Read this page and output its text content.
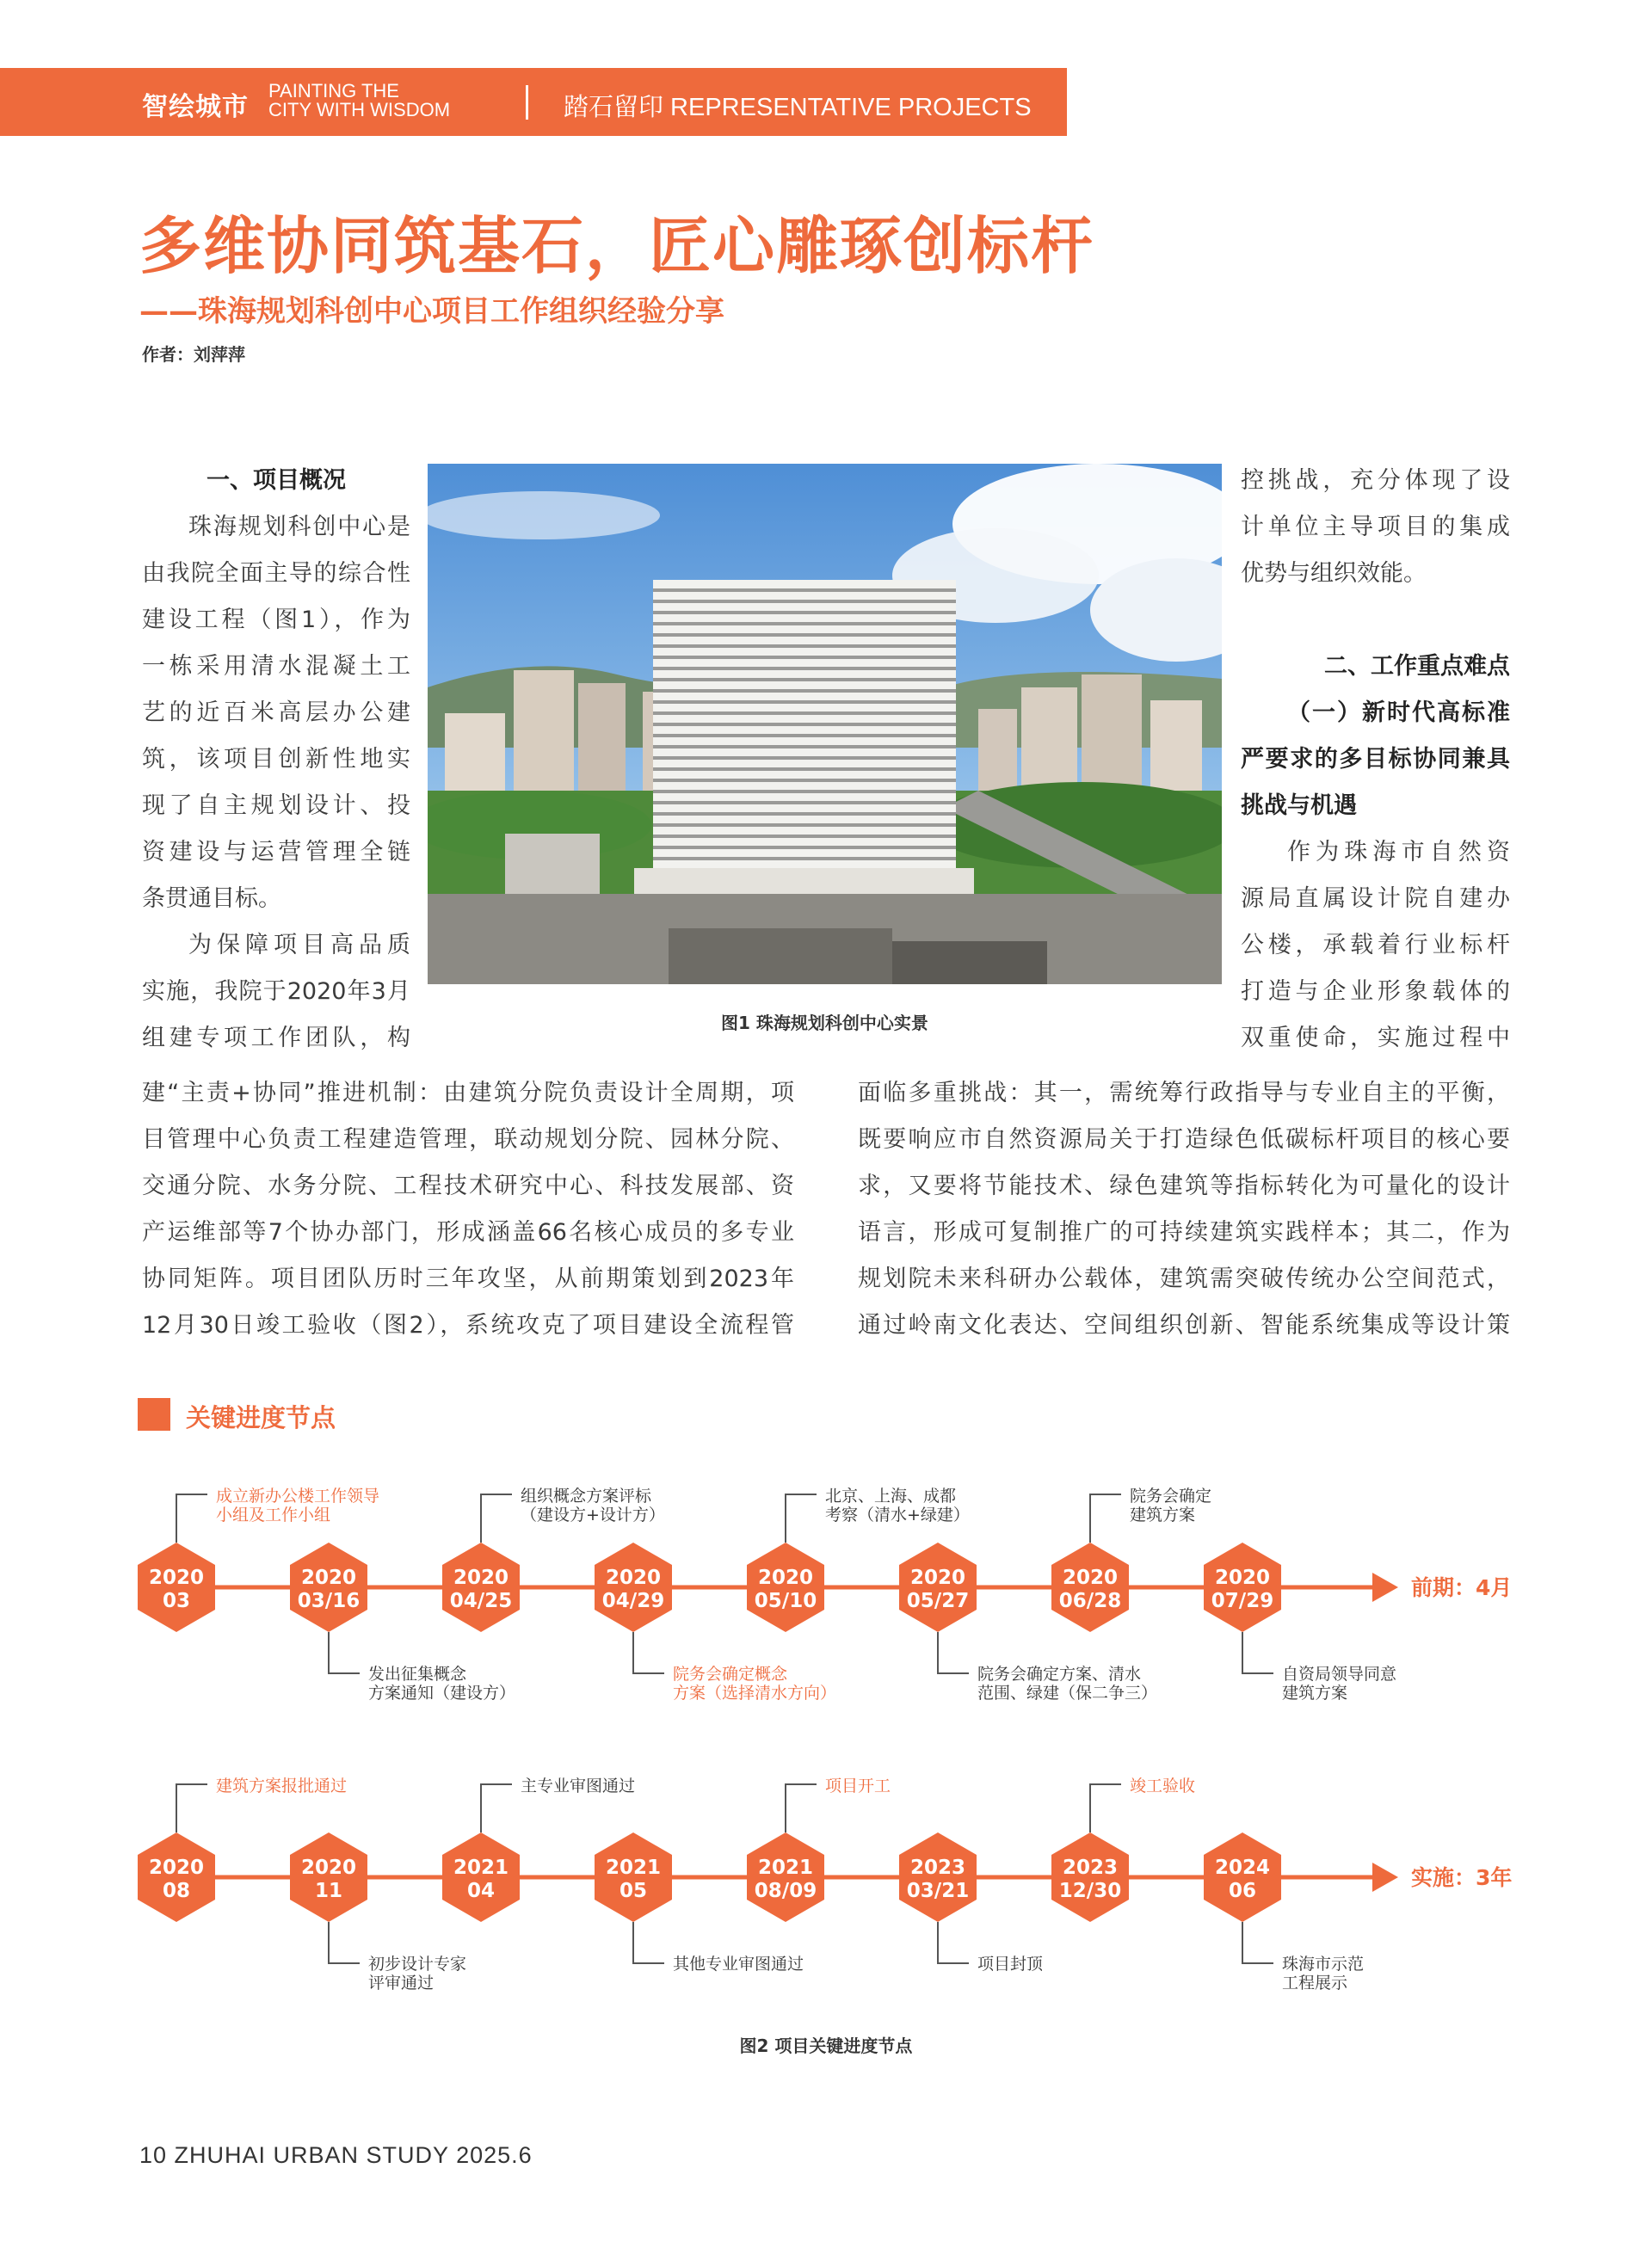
智绘城市
PAINTING THE
CITY WITH WISDOM	踏石留印 REPRESENTATIVE PROJECTS
多维协同筑基石，匠心雕琢创标杆
——珠海规划科创中心项目工作组织经验分享
作者：刘萍萍
一、项目概况
珠海规划科创中心是
由我院全面主导的综合性
建设工程（图1），作为
一栋采用清水混凝土工
艺的近百米高层办公建
筑，该项目创新性地实
现了自主规划设计、投
资建设与运营管理全链
条贯通目标。
为保障项目高品质
实施，我院于2020年3月
组建专项工作团队，构
建“主责+协同”推进机制：由建筑分院负责设计全周期，项
目管理中心负责工程建造管理，联动规划分院、园林分院、
交通分院、水务分院、工程技术研究中心、科技发展部、资
产运维部等7个协办部门，形成涵盖66名核心成员的多专业
协同矩阵。项目团队历时三年攻坚，从前期策划到2023年
12月30日竣工验收（图2），系统攻克了项目建设全流程管
图1 珠海规划科创中心实景
控挑战，充分体现了设
计单位主导项目的集成
优势与组织效能。
二、工作重点难点
（一）新时代高标准
严要求的多目标协同兼具
挑战与机遇
作为珠海市自然资
源局直属设计院自建办
公楼，承载着行业标杆
打造与企业形象载体的
双重使命，实施过程中
面临多重挑战：其一，需统筹行政指导与专业自主的平衡，
既要响应市自然资源局关于打造绿色低碳标杆项目的核心要
求，又要将节能技术、绿色建筑等指标转化为可量化的设计
语言，形成可复制推广的可持续建筑实践样本；其二，作为
规划院未来科研办公载体，建筑需突破传统办公空间范式，
通过岭南文化表达、空间组织创新、智能系统集成等设计策
关键进度节点
前期：4月
2020
03
2020
03/16
2020
04/25
2020
04/29
2020
05/10
2020
05/27
2020
06/28
2020
07/29
成立新办公楼工作领导
小组及工作小组
组织概念方案评标
（建设方+设计方）
北京、上海、成都
考察（清水+绿建）
院务会确定
建筑方案
发出征集概念
方案通知（建设方）
院务会确定概念
方案（选择清水方向）
院务会确定方案、清水
范围、绿建（保二争三）
自资局领导同意
建筑方案
实施：3年
2020
08
2020
11
2021
04
2021
05
2021
08/09
2023
03/21
2023
12/30
2024
06
建筑方案报批通过	主专业审图通过	项目开工	竣工验收
初步设计专家
评审通过
其他专业审图通过	项目封顶	珠海市示范
工程展示
图2 项目关键进度节点
10 ZHUHAI URBAN STUDY 2025.6
